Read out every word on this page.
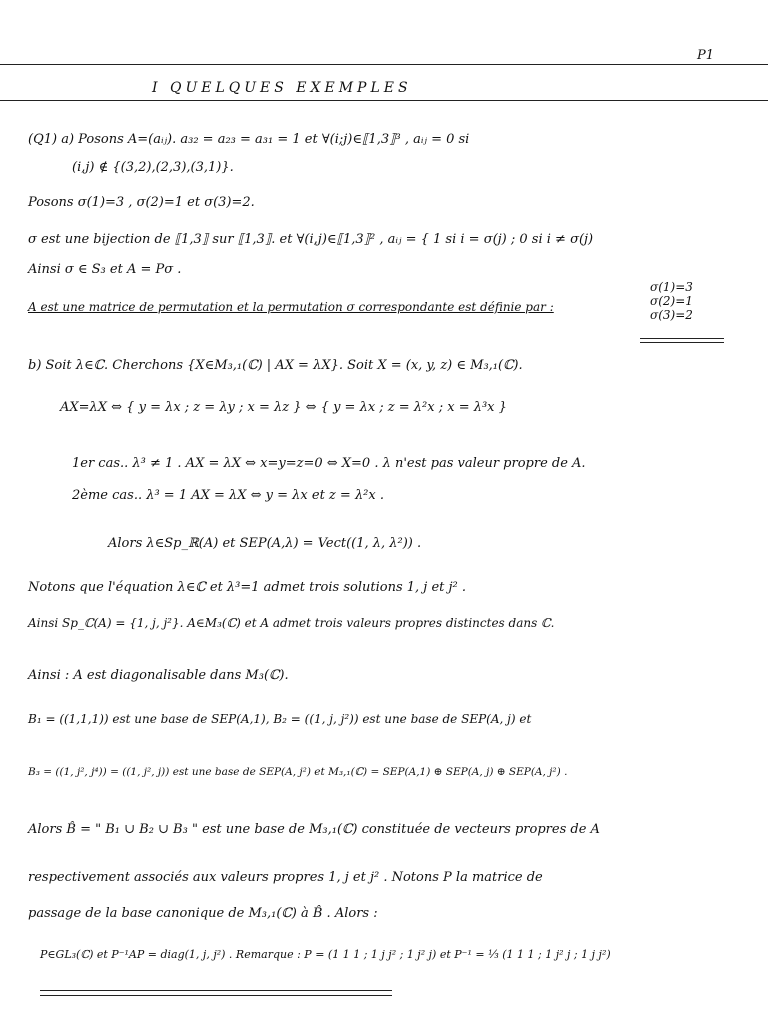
P1
I QUELQUES EXEMPLES
(Q1) a) Posons A=(aᵢⱼ). a₃₂ = a₂₃ = a₃₁ = 1 et ∀(i;j)∈⟦1,3⟧³ , aᵢⱼ = 0 si
(i,j) ∉ {(3,2),(2,3),(3,1)}.
Posons σ(1)=3 , σ(2)=1 et σ(3)=2.
σ est une bijection de ⟦1,3⟧ sur ⟦1,3⟧. et ∀(i,j)∈⟦1,3⟧² , aᵢⱼ = { 1 si i = σ(j) ; 0 si i ≠ σ(j)
Ainsi σ ∈ S₃ et A = Pσ .
A est une matrice de permutation et la permutation σ correspondante est définie par :
σ(1)=3
σ(2)=1
σ(3)=2
b) Soit λ∈ℂ. Cherchons {X∈M₃,₁(ℂ) | AX = λX}. Soit X = (x, y, z) ∈ M₃,₁(ℂ).
AX=λX ⇔ { y = λx ; z = λy ; x = λz } ⇔ { y = λx ; z = λ²x ; x = λ³x }
1er cas.. λ³ ≠ 1 . AX = λX ⇔ x=y=z=0 ⇔ X=0 . λ n'est pas valeur propre de A.
2ème cas.. λ³ = 1 AX = λX ⇔ y = λx et z = λ²x .
Alors λ∈Sp_ℝ(A) et SEP(A,λ) = Vect((1, λ, λ²)) .
Notons que l'équation λ∈ℂ et λ³=1 admet trois solutions 1, j et j² .
Ainsi Sp_ℂ(A) = {1, j, j²}. A∈M₃(ℂ) et A admet trois valeurs propres distinctes dans ℂ.
Ainsi : A est diagonalisable dans M₃(ℂ).
B₁ = ((1,1,1)) est une base de SEP(A,1), B₂ = ((1, j, j²)) est une base de SEP(A, j) et
B₃ = ((1, j², j⁴)) = ((1, j², j)) est une base de SEP(A, j²) et M₃,₁(ℂ) = SEP(A,1) ⊕ SEP(A, j) ⊕ SEP(A, j²) .
Alors B̂ = " B₁ ∪ B₂ ∪ B₃ " est une base de M₃,₁(ℂ) constituée de vecteurs propres de A
respectivement associés aux valeurs propres 1, j et j² . Notons P la matrice de
passage de la base canonique de M₃,₁(ℂ) à B̂ . Alors :
P∈GL₃(ℂ) et P⁻¹AP = diag(1, j, j²) . Remarque : P = (1 1 1 ; 1 j j² ; 1 j² j) et P⁻¹ = ⅓ (1 1 1 ; 1 j² j ; 1 j j²)
